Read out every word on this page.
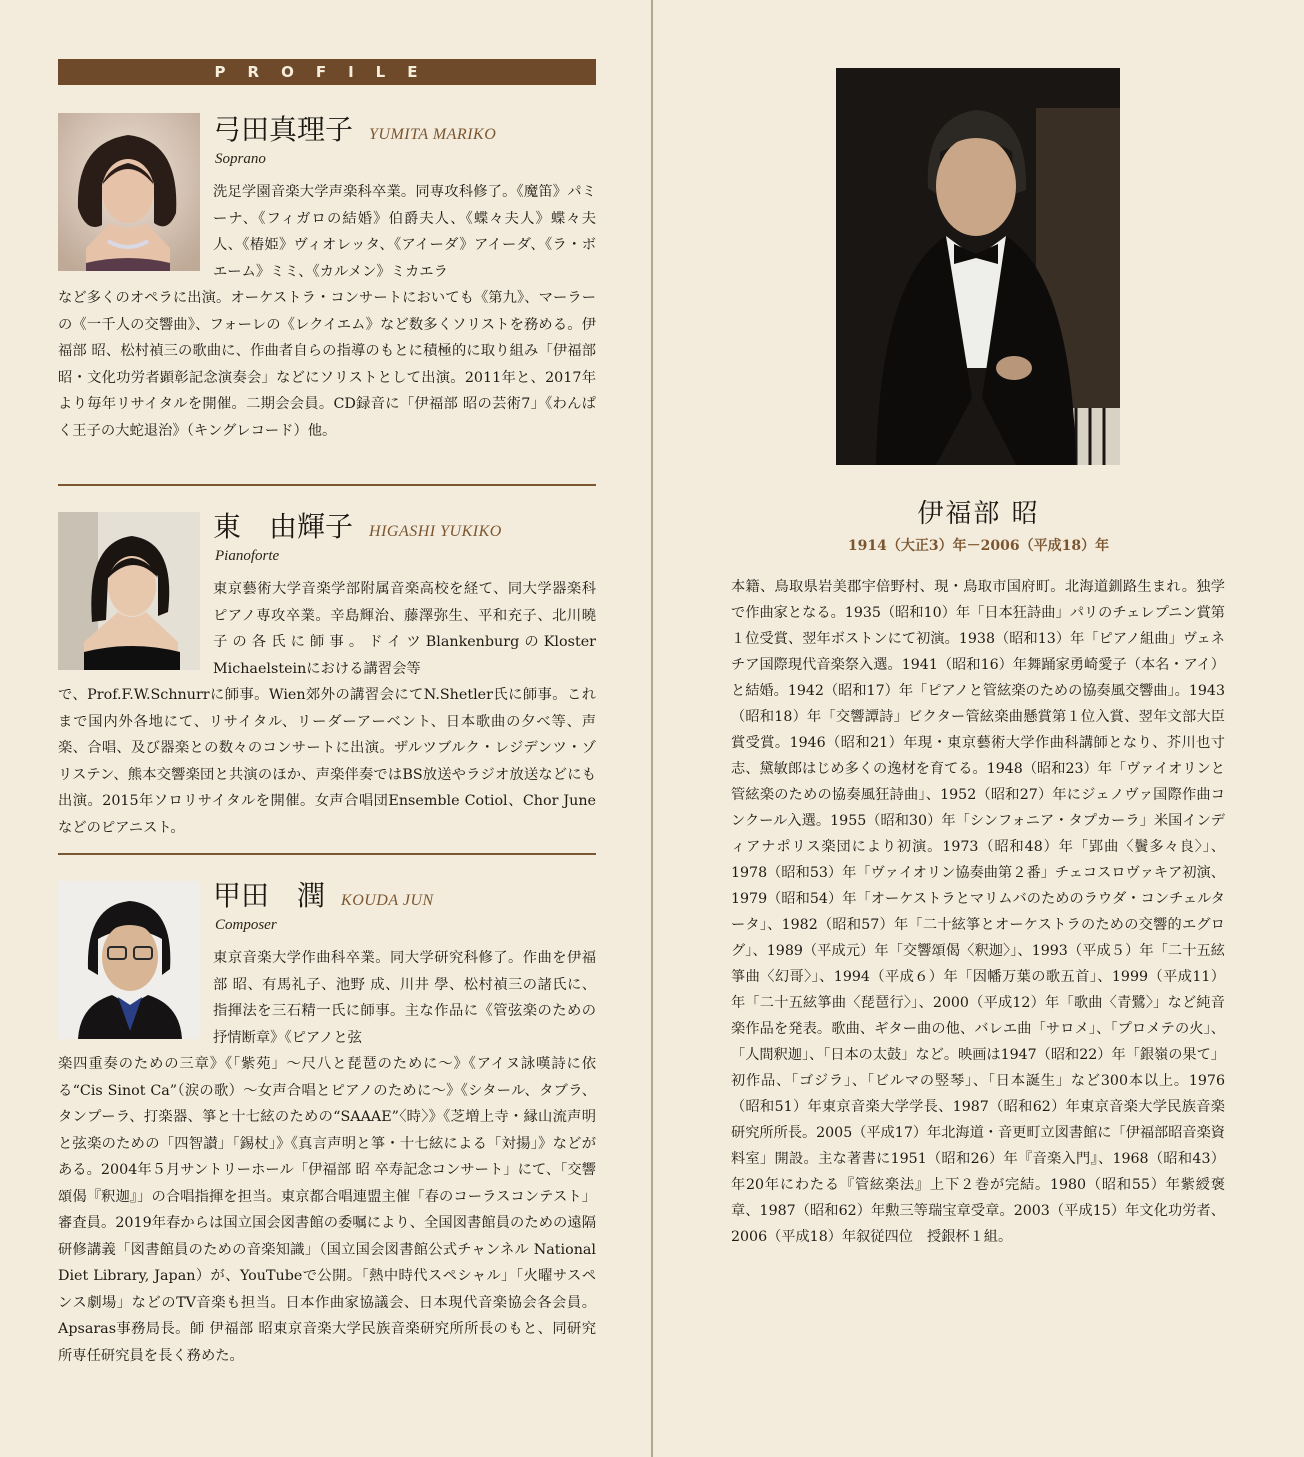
PROFILE
弓田真理子 YUMITA MARIKO
Soprano
洗足学園音楽大学声楽科卒業。同専攻科修了。《魔笛》パミーナ、《フィガロの結婚》伯爵夫人、《蝶々夫人》蝶々夫人、《椿姫》ヴィオレッタ、《アイーダ》アイーダ、《ラ・ボエーム》ミミ、《カルメン》ミカエラ
など多くのオペラに出演。オーケストラ・コンサートにおいても《第九》、マーラーの《一千人の交響曲》、フォーレの《レクイエム》など数多くソリストを務める。伊福部 昭、松村禎三の歌曲に、作曲者自らの指導のもとに積極的に取り組み「伊福部 昭・文化功労者顕彰記念演奏会」などにソリストとして出演。2011年と、2017年より毎年リサイタルを開催。二期会会員。CD録音に「伊福部 昭の芸術7」《わんぱく王子の大蛇退治》（キングレコード）他。
東　由輝子 HIGASHI YUKIKO
Pianoforte
東京藝術大学音楽学部附属音楽高校を経て、同大学器楽科ピアノ専攻卒業。辛島輝治、藤澤弥生、平和充子、北川曉子の各氏に師事。ドイツBlankenburgのKloster Michaelsteinにおける講習会等
で、Prof.F.W.Schnurrに師事。Wien郊外の講習会にてN.Shetler氏に師事。これまで国内外各地にて、リサイタル、リーダーアーベント、日本歌曲の夕べ等、声楽、合唱、及び器楽との数々のコンサートに出演。ザルツブルク・レジデンツ・ゾリステン、熊本交響楽団と共演のほか、声楽伴奏ではBS放送やラジオ放送などにも出演。2015年ソロリサイタルを開催。女声合唱団Ensemble Cotiol、Chor Juneなどのピアニスト。
甲田　潤 KOUDA JUN
Composer
東京音楽大学作曲科卒業。同大学研究科修了。作曲を伊福部 昭、有馬礼子、池野 成、川井 學、松村禎三の諸氏に、指揮法を三石精一氏に師事。主な作品に《管弦楽のための抒情断章》《ピアノと弦
楽四重奏のための三章》《「紫苑」～尺八と琵琶のために～》《アイヌ詠嘆詩に依る“Cis Sinot Ca”（涙の歌）～女声合唱とピアノのために～》《シタール、タブラ、タンプーラ、打楽器、箏と十七絃のための“SAAAE”〈時〉》《芝増上寺・縁山流声明と弦楽のための「四智讃」「錫杖」》《真言声明と箏・十七絃による「対揚」》などがある。2004年５月サントリーホール「伊福部 昭 卒寿記念コンサート」にて、「交響頌偈『釈迦』」の合唱指揮を担当。東京都合唱連盟主催「春のコーラスコンテスト」審査員。2019年春からは国立国会図書館の委嘱により、全国図書館員のための遠隔研修講義「図書館員のための音楽知識」（国立国会図書館公式チャンネル National Diet Library, Japan）が、YouTubeで公開。「熱中時代スペシャル」「火曜サスペンス劇場」などのTV音楽も担当。日本作曲家協議会、日本現代音楽協会各会員。Apsaras事務局長。師 伊福部 昭東京音楽大学民族音楽研究所所長のもと、同研究所専任研究員を長く務めた。
伊福部 昭
1914（大正3）年－2006（平成18）年
本籍、鳥取県岩美郡宇倍野村、現・鳥取市国府町。北海道釧路生まれ。独学で作曲家となる。1935（昭和10）年「日本狂詩曲」パリのチェレプニン賞第１位受賞、翌年ボストンにて初演。1938（昭和13）年「ピアノ組曲」ヴェネチア国際現代音楽祭入選。1941（昭和16）年舞踊家勇崎愛子（本名・アイ）と結婚。1942（昭和17）年「ピアノと管絃楽のための協奏風交響曲」。1943（昭和18）年「交響譚詩」ビクター管絃楽曲懸賞第１位入賞、翌年文部大臣賞受賞。1946（昭和21）年現・東京藝術大学作曲科講師となり、芥川也寸志、黛敏郎はじめ多くの逸材を育てる。1948（昭和23）年「ヴァイオリンと管絃楽のための協奏風狂詩曲」、1952（昭和27）年にジェノヴァ国際作曲コンクール入選。1955（昭和30）年「シンフォニア・タプカーラ」米国インディアナポリス楽団により初演。1973（昭和48）年「郢曲〈鬢多々良〉」、1978（昭和53）年「ヴァイオリン協奏曲第２番」チェコスロヴァキア初演、1979（昭和54）年「オーケストラとマリムバのためのラウダ・コンチェルタータ」、1982（昭和57）年「二十絃箏とオーケストラのための交響的エグログ」、1989（平成元）年「交響頌偈〈釈迦〉」、1993（平成５）年「二十五絃箏曲〈幻哥〉」、1994（平成６）年「因幡万葉の歌五首」、1999（平成11）年「二十五絃箏曲〈琵琶行〉」、2000（平成12）年「歌曲〈青鷺〉」など純音楽作品を発表。歌曲、ギター曲の他、バレエ曲「サロメ」、「プロメテの火」、「人間釈迦」、「日本の太鼓」など。映画は1947（昭和22）年「銀嶺の果て」初作品、「ゴジラ」、「ビルマの竪琴」、「日本誕生」など300本以上。1976（昭和51）年東京音楽大学学長、1987（昭和62）年東京音楽大学民族音楽研究所所長。2005（平成17）年北海道・音更町立図書館に「伊福部昭音楽資料室」開設。主な著書に1951（昭和26）年『音楽入門』、1968（昭和43）年20年にわたる『管絃楽法』上下２巻が完結。1980（昭和55）年紫綬褒章、1987（昭和62）年勲三等瑞宝章受章。2003（平成15）年文化功労者、2006（平成18）年叙従四位　授銀杯１組。
